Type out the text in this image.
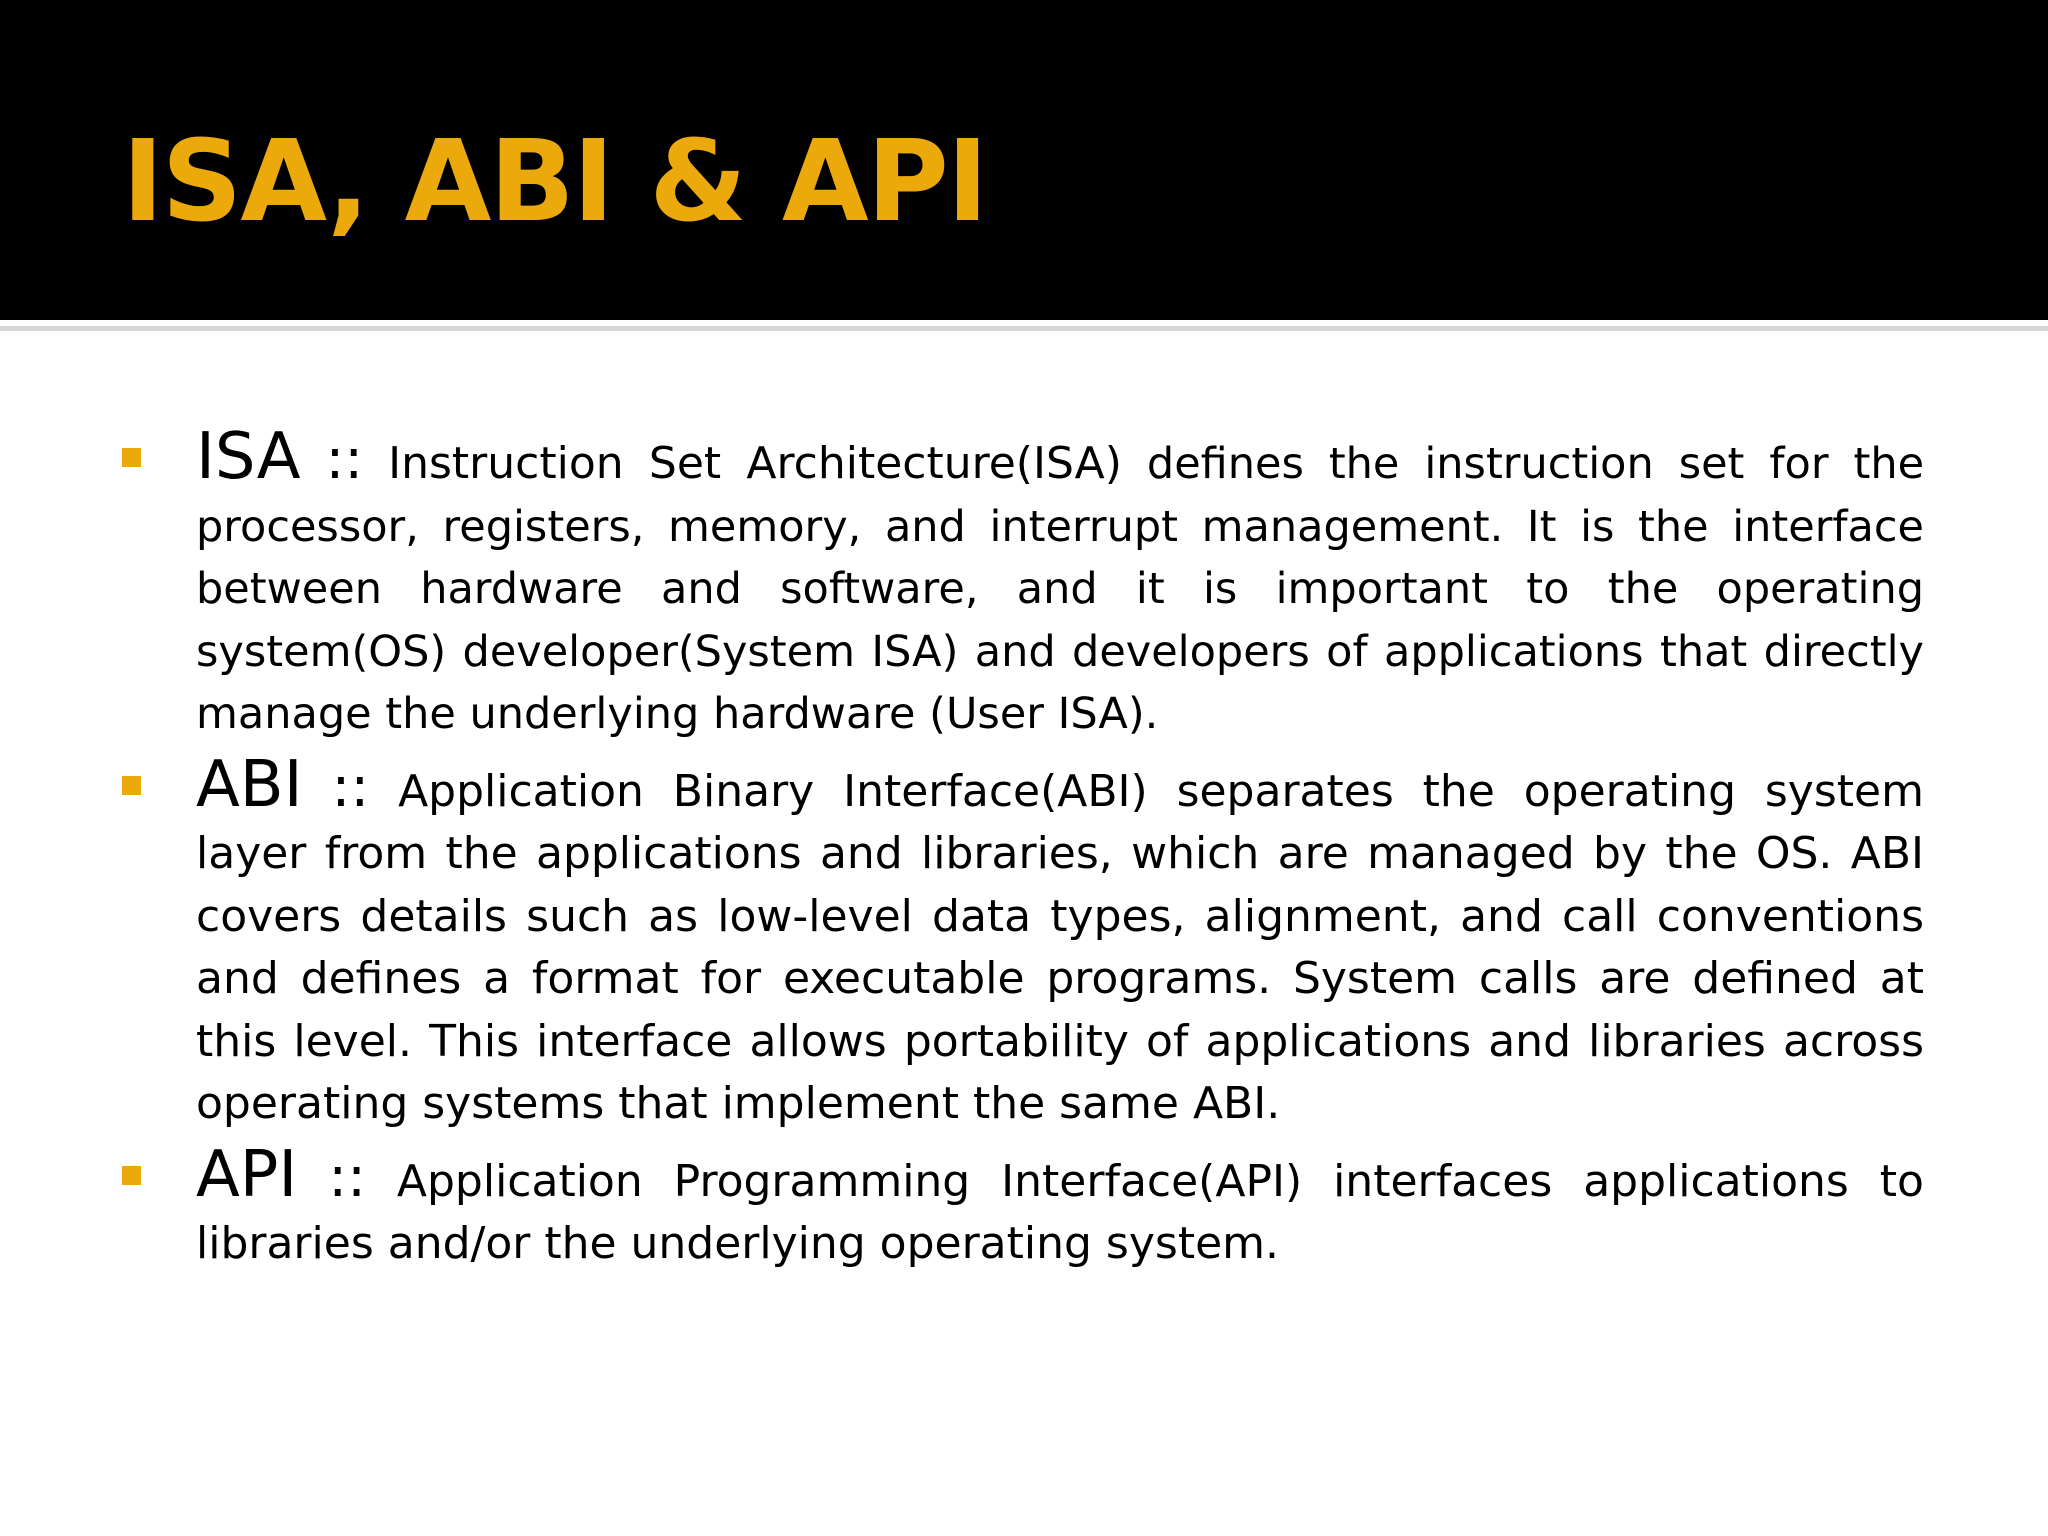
ISA, ABI & API
ISA :: Instruction Set Architecture(ISA) defines the instruction set for the processor, registers, memory, and interrupt management. It is the interface between hardware and software, and it is important to the operating system(OS) developer(System ISA) and developers of applications that directly manage the underlying hardware (User ISA).
ABI :: Application Binary Interface(ABI) separates the operating system layer from the applications and libraries, which are managed by the OS. ABI covers details such as low-level data types, alignment, and call conventions and defines a format for executable programs. System calls are defined at this level. This interface allows portability of applications and libraries across operating systems that implement the same ABI.
API :: Application Programming Interface(API) interfaces applications to libraries and/or the underlying operating system.
